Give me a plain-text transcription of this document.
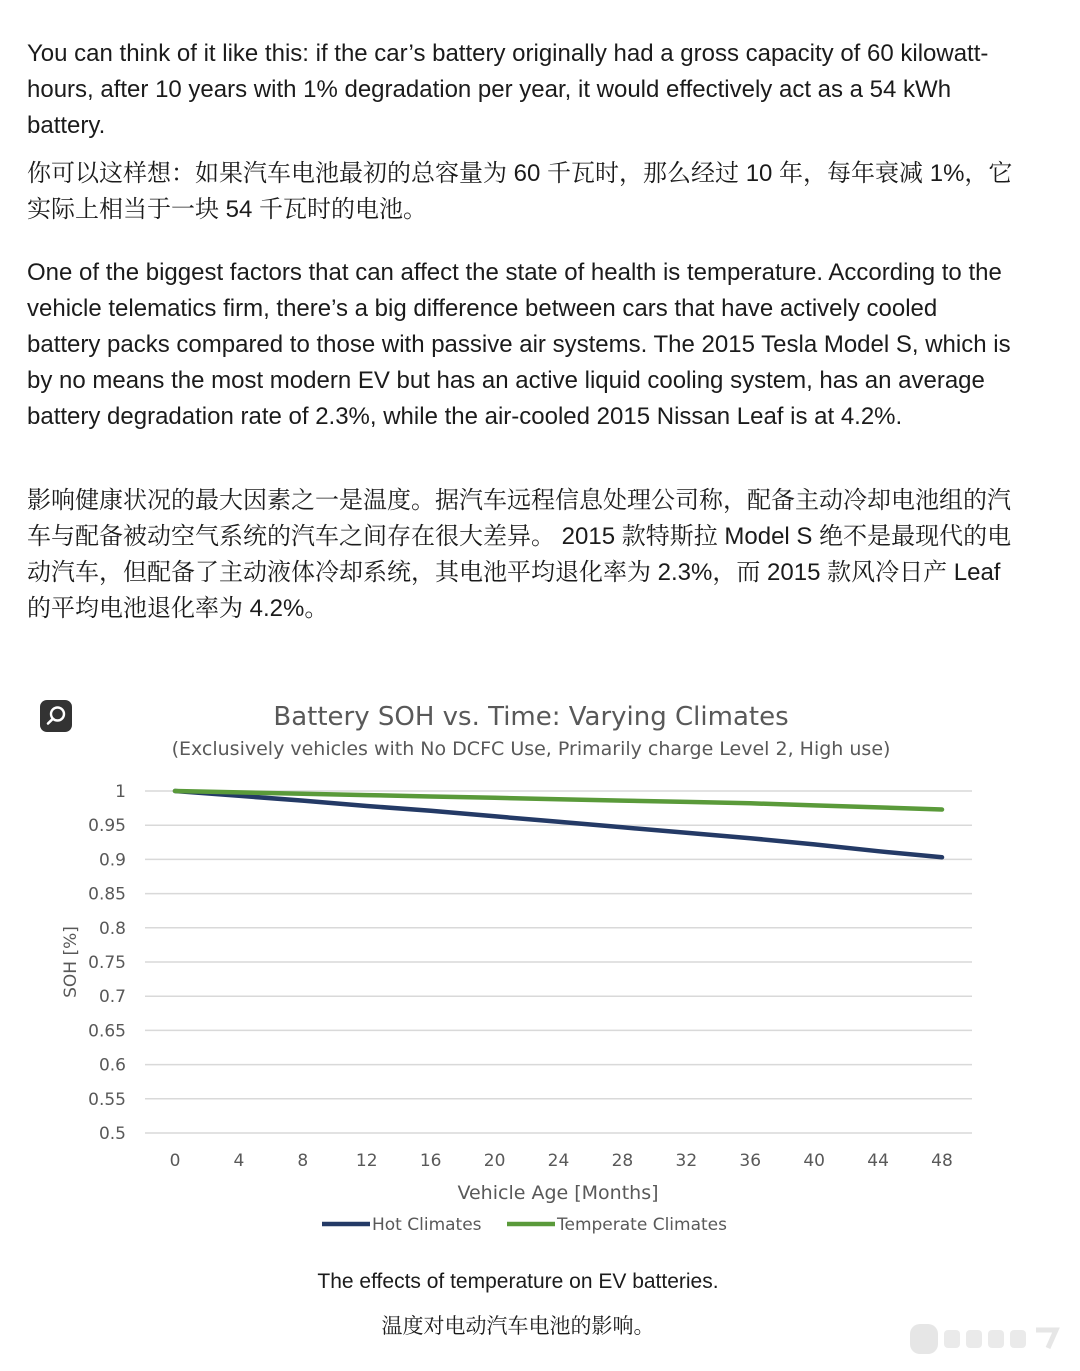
You can think of it like this: if the car’s battery originally had a gross capacity of 60 kilowatt-hours, after 10 years with 1% degradation per year, it would effectively act as a 54 kWh battery.

你可以这样想：如果汽车电池最初的总容量为 60 千瓦时，那么经过 10 年，每年衰减 1%，它实际上相当于一块 54 千瓦时的电池。

One of the biggest factors that can affect the state of health is temperature. According to the vehicle telematics firm, there’s a big difference between cars that have actively cooled battery packs compared to those with passive air systems. The 2015 Tesla Model S, which is by no means the most modern EV but has an active liquid cooling system, has an average battery degradation rate of 2.3%, while the air-cooled 2015 Nissan Leaf is at 4.2%.

影响健康状况的最大因素之一是温度。据汽车远程信息处理公司称，配备主动冷却电池组的汽车与配备被动空气系统的汽车之间存在很大差异。 2015 款特斯拉 Model S 绝不是最现代的电动汽车，但配备了主动液体冷却系统，其电池平均退化率为 2.3%，而 2015 款风冷日产 Leaf 的平均电池退化率为 4.2%。

Battery SOH vs. Time: Varying Climates
(Exclusively vehicles with No DCFC Use, Primarily charge Level 2, High use)
0.5
0.55
0.6
0.65
0.7
0.75
0.8
0.85
0.9
0.95
1
0	4	8	12 16 20 24 28 32 36 40 44 48
Vehicle Age [Months]
SOH [%]
Hot Climates	Temperate Climates

The effects of temperature on EV batteries.

温度对电动汽车电池的影响。
